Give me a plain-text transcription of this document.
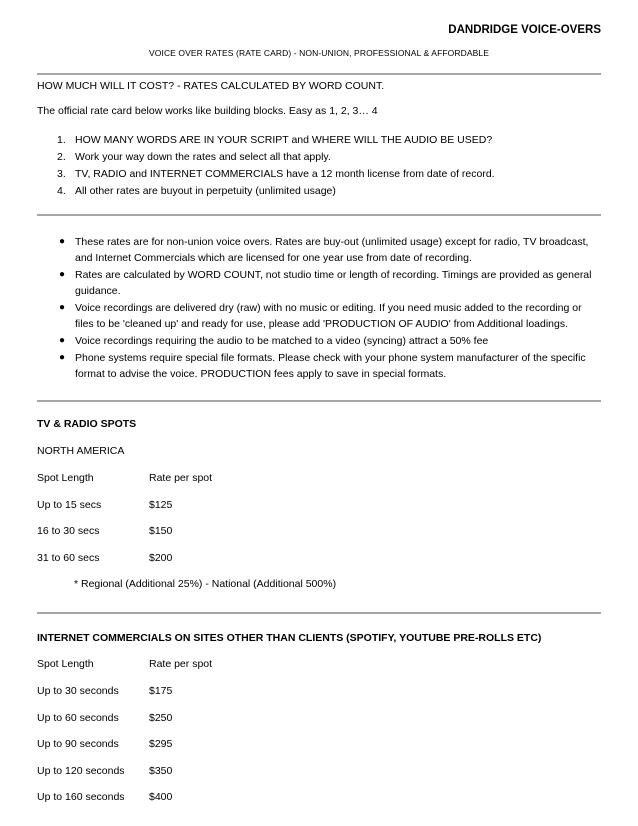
DANDRIDGE VOICE-OVERS
VOICE OVER RATES (RATE CARD) - NON-UNION, PROFESSIONAL & AFFORDABLE
HOW MUCH WILL IT COST? - RATES CALCULATED BY WORD COUNT.
The official rate card below works like building blocks. Easy as 1, 2, 3… 4
1. HOW MANY WORDS ARE IN YOUR SCRIPT and WHERE WILL THE AUDIO BE USED?
2. Work your way down the rates and select all that apply.
3. TV, RADIO and INTERNET COMMERCIALS have a 12 month license from date of record.
4. All other rates are buyout in perpetuity (unlimited usage)
● These rates are for non-union voice overs. Rates are buy-out (unlimited usage) except for radio, TV broadcast, and Internet Commercials which are licensed for one year use from date of recording.
● Rates are calculated by WORD COUNT, not studio time or length of recording. Timings are provided as general guidance.
● Voice recordings are delivered dry (raw) with no music or editing. If you need music added to the recording or files to be 'cleaned up' and ready for use, please add 'PRODUCTION OF AUDIO' from Additional loadings.
● Voice recordings requiring the audio to be matched to a video (syncing) attract a 50% fee
● Phone systems require special file formats. Please check with your phone system manufacturer of the specific format to advise the voice. PRODUCTION fees apply to save in special formats.
TV & RADIO SPOTS
NORTH AMERICA
Spot Length	Rate per spot
Up to 15 secs	$125
16 to 30 secs	$150
31 to 60 secs	$200
* Regional (Additional 25%) - National (Additional 500%)
INTERNET COMMERCIALS ON SITES OTHER THAN CLIENTS (SPOTIFY, YOUTUBE PRE-ROLLS ETC)
Spot Length	Rate per spot
Up to 30 seconds	$175
Up to 60 seconds	$250
Up to 90 seconds	$295
Up to 120 seconds $350
Up to 160 seconds $400
